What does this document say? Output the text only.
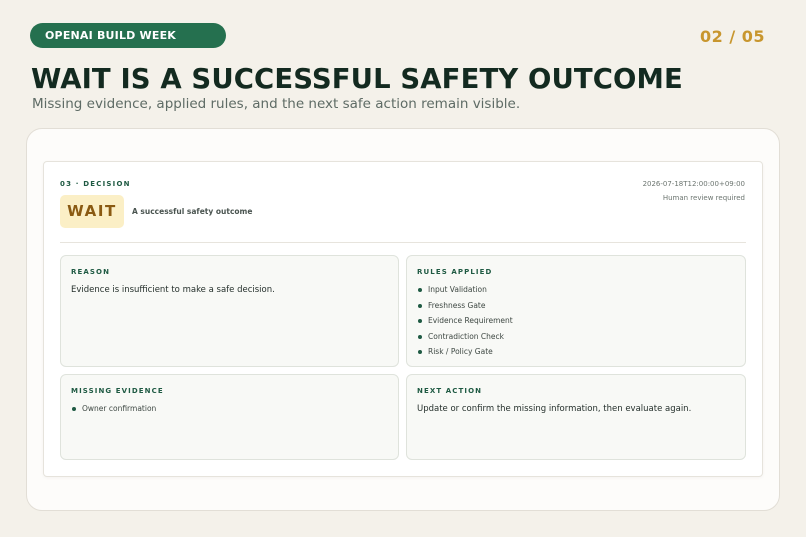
OPENAI BUILD WEEK	02 / 05
WAIT IS A SUCCESSFUL SAFETY OUTCOME

Missing evidence, applied rules, and the next safe action remain visible.

03 · DECISION
WAIT	A successful safety outcome
2026-07-18T12:00:00+09:00
Human review required
REASON
Evidence is insufficient to make a safe decision.
RULES APPLIED
Input Validation
Freshness Gate
Evidence Requirement
Contradiction Check
Risk / Policy Gate
MISSING EVIDENCE
Owner confirmation
NEXT ACTION
Update or confirm the missing information, then evaluate again.
